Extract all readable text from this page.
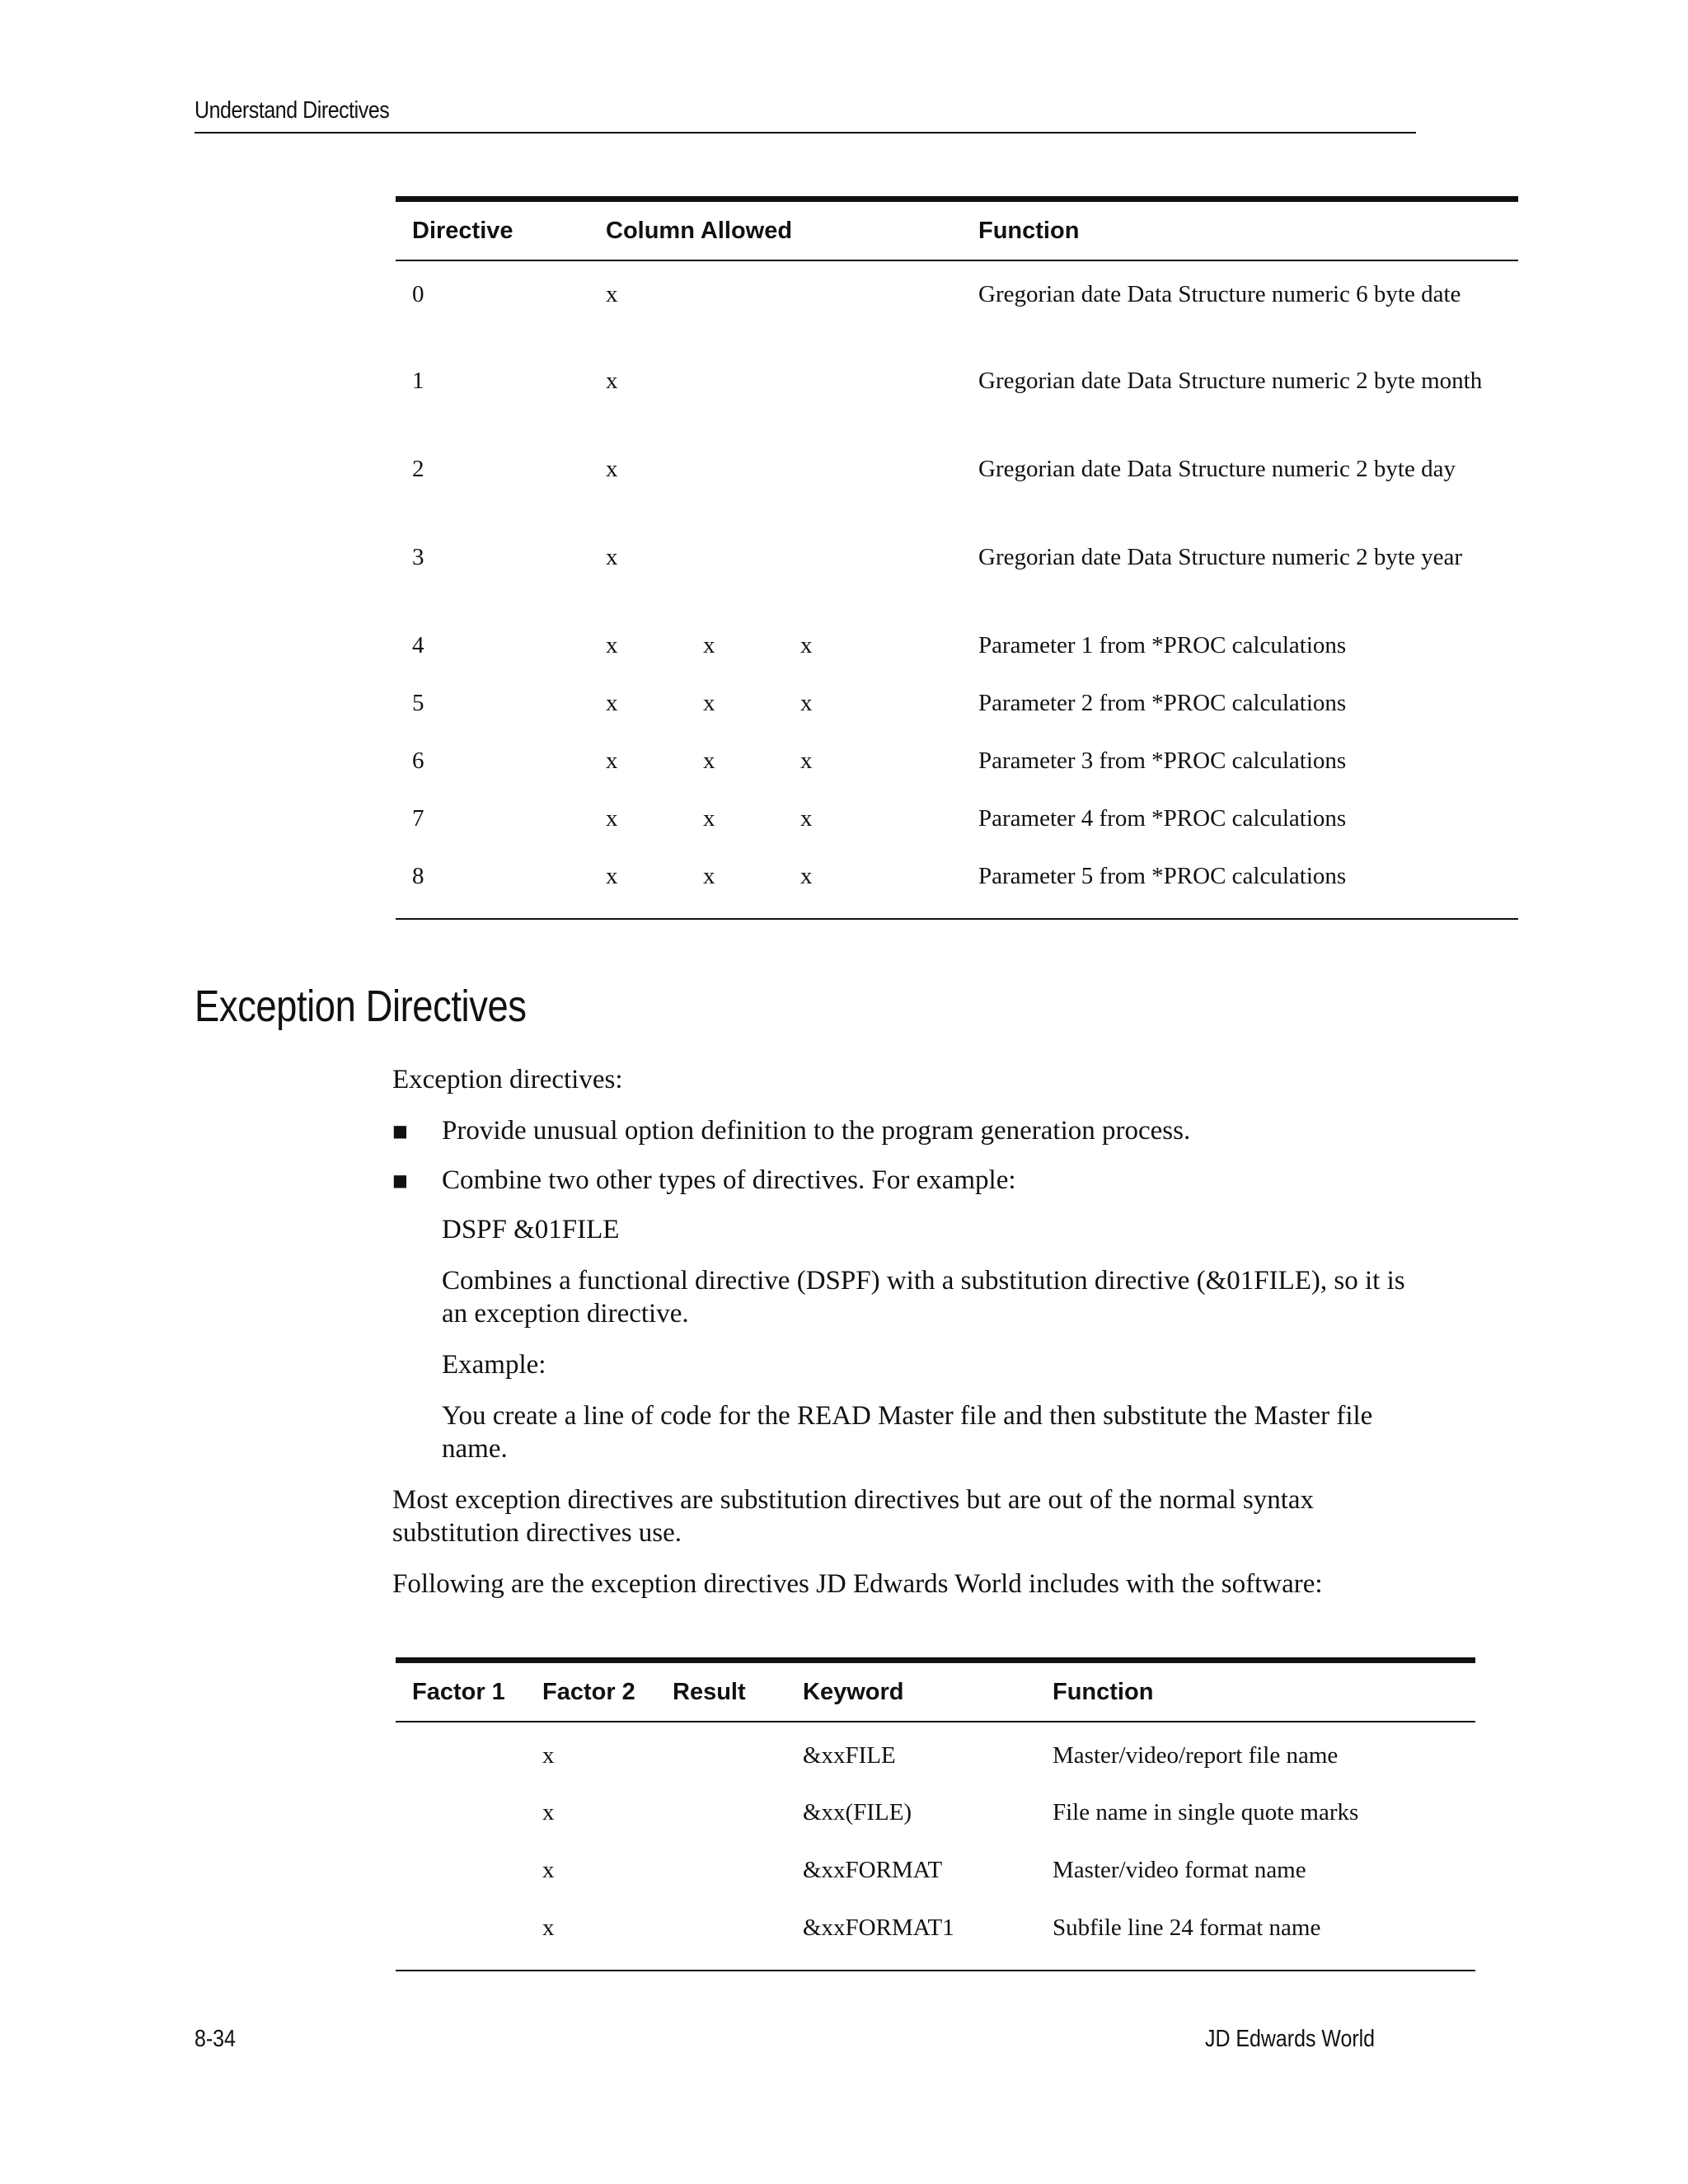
Understand Directives
Directive	Column Allowed			Function
0	x			Gregorian date Data Structure numeric 6 byte date
1	x			Gregorian date Data Structure numeric 2 byte month
2	x			Gregorian date Data Structure numeric 2 byte day
3	x			Gregorian date Data Structure numeric 2 byte year
4	x	x	x	Parameter 1 from *PROC calculations
5	x	x	x	Parameter 2 from *PROC calculations
6	x	x	x	Parameter 3 from *PROC calculations
7	x	x	x	Parameter 4 from *PROC calculations
8	x	x	x	Parameter 5 from *PROC calculations
Exception Directives

Exception directives:

■ Provide unusual option definition to the program generation process.
■ Combine two other types of directives. For example:

DSPF &01FILE

Combines a functional directive (DSPF) with a substitution directive (&01FILE), so it is an exception directive.

Example:

You create a line of code for the READ Master file and then substitute the Master file name.

Most exception directives are substitution directives but are out of the normal syntax substitution directives use.

Following are the exception directives JD Edwards World includes with the software:

Factor 1	Factor 2	Result	Keyword	Function
	x		&xxFILE	Master/video/report file name
	x		&xx(FILE)	File name in single quote marks
	x		&xxFORMAT	Master/video format name
	x		&xxFORMAT1	Subfile line 24 format name
8-34	JD Edwards World
